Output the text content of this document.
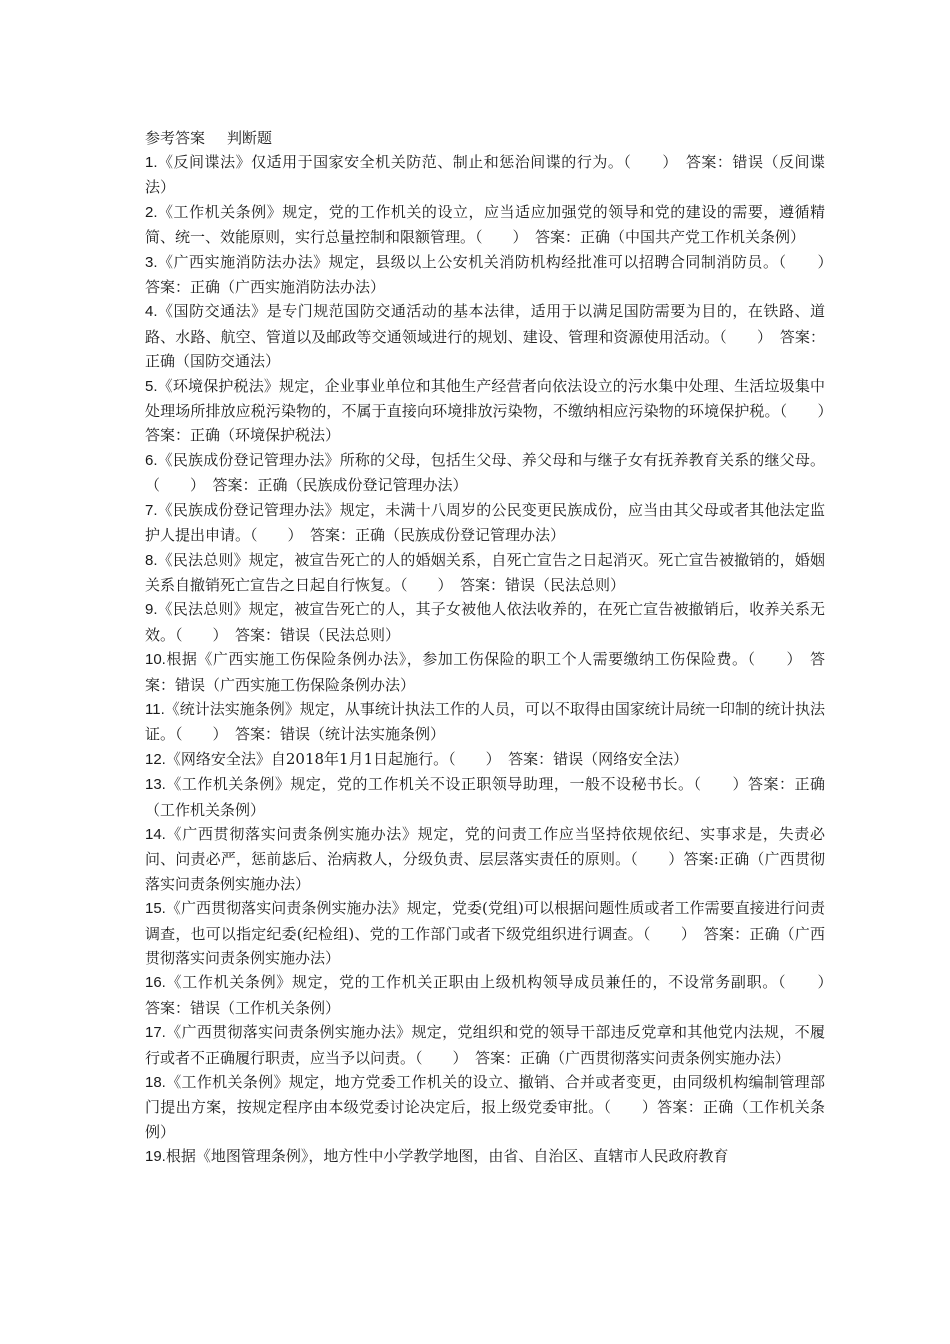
参考答案 判断题

1.《反间谍法》仅适用于国家安全机关防范、制止和惩治间谍的行为。（　　）　答案：错误（反间谍法）

2.《工作机关条例》规定，党的工作机关的设立，应当适应加强党的领导和党的建设的需要，遵循精简、统一、效能原则，实行总量控制和限额管理。（　　）　答案：正确（中国共产党工作机关条例）

3.《广西实施消防法办法》规定，县级以上公安机关消防机构经批准可以招聘合同制消防员。（　　）　答案：正确（广西实施消防法办法）

4.《国防交通法》是专门规范国防交通活动的基本法律，适用于以满足国防需要为目的，在铁路、道路、水路、航空、管道以及邮政等交通领域进行的规划、建设、管理和资源使用活动。（　　）　答案：正确（国防交通法）

5.《环境保护税法》规定，企业事业单位和其他生产经营者向依法设立的污水集中处理、生活垃圾集中处理场所排放应税污染物的，不属于直接向环境排放污染物，不缴纳相应污染物的环境保护税。（　　）　答案：正确（环境保护税法）

6.《民族成份登记管理办法》所称的父母，包括生父母、养父母和与继子女有抚养教育关系的继父母。（　　）　答案：正确（民族成份登记管理办法）

7.《民族成份登记管理办法》规定，未满十八周岁的公民变更民族成份，应当由其父母或者其他法定监护人提出申请。（　　）　答案：正确（民族成份登记管理办法）

8.《民法总则》规定，被宣告死亡的人的婚姻关系，自死亡宣告之日起消灭。死亡宣告被撤销的，婚姻关系自撤销死亡宣告之日起自行恢复。（　　）　答案：错误（民法总则）

9.《民法总则》规定，被宣告死亡的人，其子女被他人依法收养的，在死亡宣告被撤销后，收养关系无效。（　　）　答案：错误（民法总则）

10.根据《广西实施工伤保险条例办法》，参加工伤保险的职工个人需要缴纳工伤保险费。（　　）　答案：错误（广西实施工伤保险条例办法）

11.《统计法实施条例》规定，从事统计执法工作的人员，可以不取得由国家统计局统一印制的统计执法证。（　　）　答案：错误（统计法实施条例）

12.《网络安全法》自2018年1月1日起施行。（　　）　答案：错误（网络安全法）

13.《工作机关条例》规定，党的工作机关不设正职领导助理，一般不设秘书长。（　　）答案：正确（工作机关条例）

14.《广西贯彻落实问责条例实施办法》规定，党的问责工作应当坚持依规依纪、实事求是，失责必问、问责必严，惩前毖后、治病救人，分级负责、层层落实责任的原则。（　　）答案:正确（广西贯彻落实问责条例实施办法）

15.《广西贯彻落实问责条例实施办法》规定，党委(党组)可以根据问题性质或者工作需要直接进行问责调查，也可以指定纪委(纪检组)、党的工作部门或者下级党组织进行调查。（　　）　答案：正确（广西贯彻落实问责条例实施办法）

16.《工作机关条例》规定，党的工作机关正职由上级机构领导成员兼任的，不设常务副职。（　　）　答案：错误（工作机关条例）

17.《广西贯彻落实问责条例实施办法》规定，党组织和党的领导干部违反党章和其他党内法规，不履行或者不正确履行职责，应当予以问责。（　　）　答案：正确（广西贯彻落实问责条例实施办法）

18.《工作机关条例》规定，地方党委工作机关的设立、撤销、合并或者变更，由同级机构编制管理部门提出方案，按规定程序由本级党委讨论决定后，报上级党委审批。（　　）答案：正确（工作机关条例）

19.根据《地图管理条例》，地方性中小学教学地图，由省、自治区、直辖市人民政府教育
